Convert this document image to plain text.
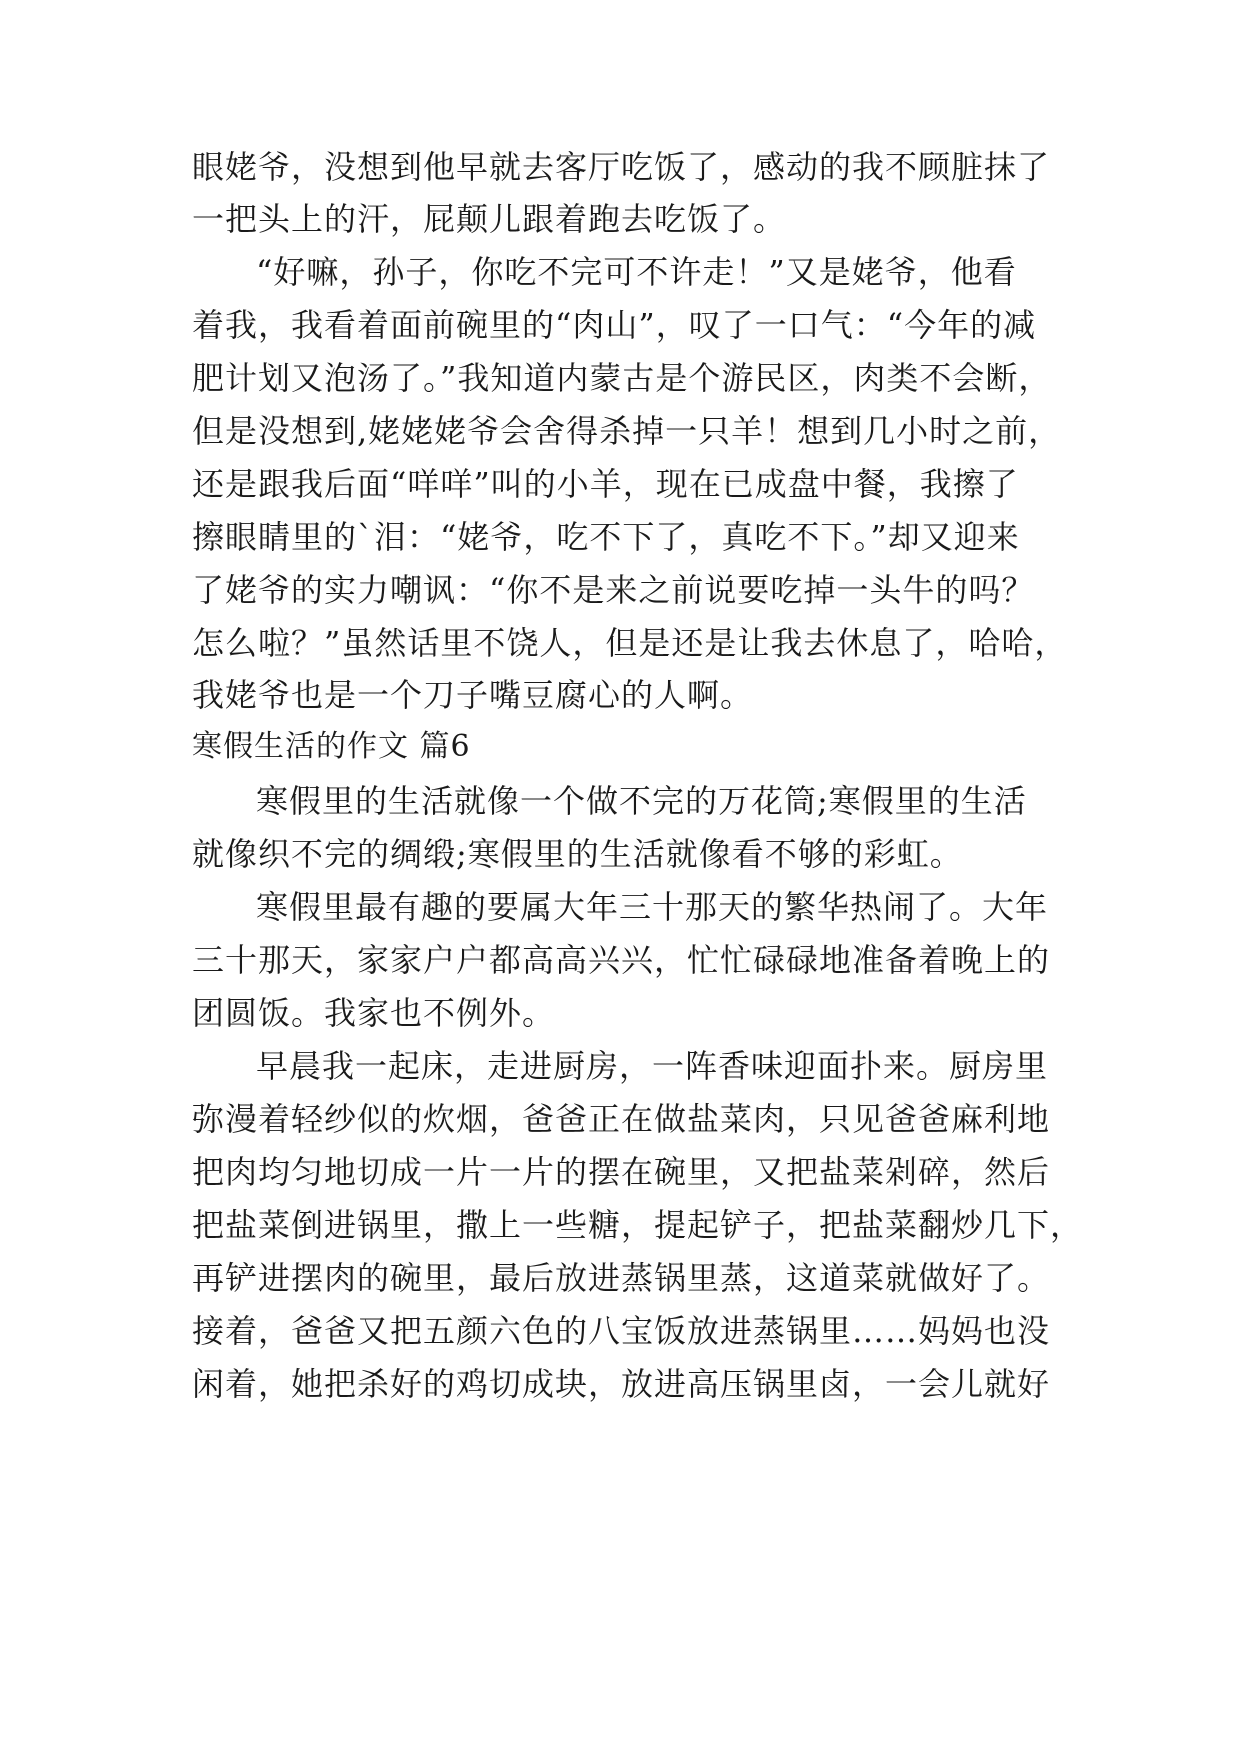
眼姥爷，没想到他早就去客厅吃饭了，感动的我不顾脏抹了

一把头上的汗，屁颠儿跟着跑去吃饭了。

“好嘛，孙子，你吃不完可不许走！”又是姥爷，他看

着我，我看着面前碗里的“肉山”，叹了一口气：“今年的减

肥计划又泡汤了。”我知道内蒙古是个游民区，肉类不会断，

但是没想到,姥姥姥爷会舍得杀掉一只羊！想到几小时之前，

还是跟我后面“咩咩”叫的小羊，现在已成盘中餐，我擦了

擦眼睛里的`泪：“姥爷，吃不下了，真吃不下。”却又迎来

了姥爷的实力嘲讽：“你不是来之前说要吃掉一头牛的吗？

怎么啦？”虽然话里不饶人，但是还是让我去休息了，哈哈，

我姥爷也是一个刀子嘴豆腐心的人啊。

寒假生活的作文 篇6

寒假里的生活就像一个做不完的万花筒;寒假里的生活

就像织不完的绸缎;寒假里的生活就像看不够的彩虹。

寒假里最有趣的要属大年三十那天的繁华热闹了。大年

三十那天，家家户户都高高兴兴，忙忙碌碌地准备着晚上的

团圆饭。我家也不例外。

早晨我一起床，走进厨房，一阵香味迎面扑来。厨房里

弥漫着轻纱似的炊烟，爸爸正在做盐菜肉，只见爸爸麻利地

把肉均匀地切成一片一片的摆在碗里，又把盐菜剁碎，然后

把盐菜倒进锅里，撒上一些糖，提起铲子，把盐菜翻炒几下，

再铲进摆肉的碗里，最后放进蒸锅里蒸，这道菜就做好了。

接着，爸爸又把五颜六色的八宝饭放进蒸锅里……妈妈也没

闲着，她把杀好的鸡切成块，放进高压锅里卤，一会儿就好
